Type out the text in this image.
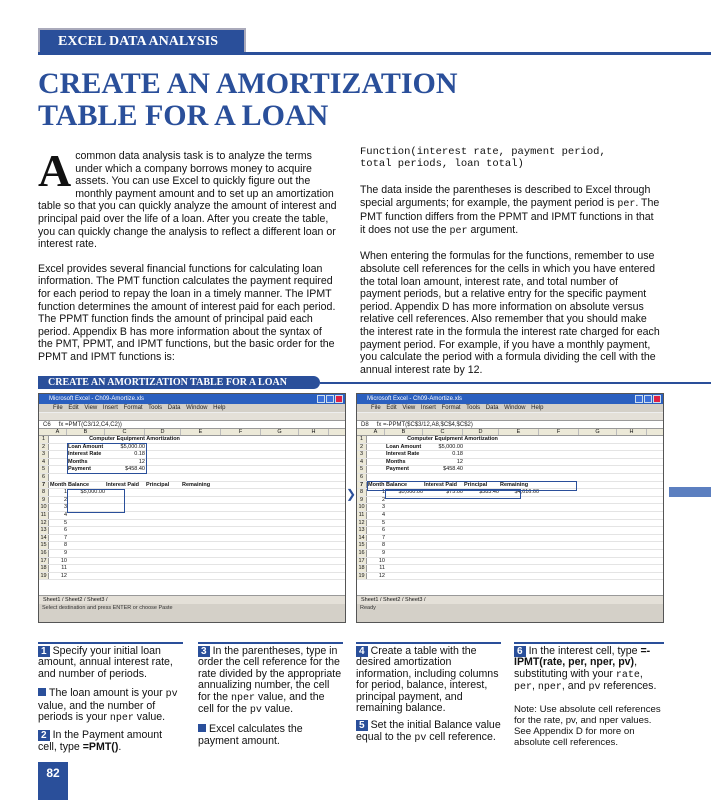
EXCEL DATA ANALYSIS
CREATE AN AMORTIZATION
TABLE FOR A LOAN
A common data analysis task is to analyze the terms under which a company borrows money to acquire assets. You can use Excel to quickly figure out the monthly payment amount and to set up an amortization table so that you can quickly analyze the amount of interest and principal paid over the life of a loan. After you create the table, you can quickly change the analysis to reflect a different loan or interest rate.
Excel provides several financial functions for calculating loan information. The PMT function calculates the payment required for each period to repay the loan in a timely manner. The IPMT function determines the amount of interest paid for each period. The PPMT function finds the amount of principal paid each period. Appendix B has more information about the syntax of the PMT, PPMT, and IPMT functions, but the basic order for the PPMT and IPMT functions is:
Function(interest rate, payment period,
total periods, loan total)
The data inside the parentheses is described to Excel through special arguments; for example, the payment period is per. The PMT function differs from the PPMT and IPMT functions in that it does not use the per argument.
When entering the formulas for the functions, remember to use absolute cell references for the cells in which you have entered the total loan amount, interest rate, and total number of payment periods, but a relative entry for the specific payment period. Appendix D has more information on absolute versus relative cell references. Also remember that you should make the interest rate in the formula the interest rate charged for each payment period. For example, if you have a monthly payment, you calculate the period with a formula dividing the cell with the annual interest rate by 12.
CREATE AN AMORTIZATION TABLE FOR A LOAN
Microsoft Excel - Ch09-Amortize.xls
File Edit View Insert Format Tools Data Window Help
C6 fx =PMT(C3/12,C4,C2))
A	B	C	D	E	F	G	H
1	Computer Equipment Amortization
2	Loan Amount	$5,000.00
3	Interest Rate	0.18
4	Months	12
5	Payment	$458.40
6
7 Month Balance	Interest Paid	Principal	Remaining
8	1	$5,000.00
9	2
10	3
11	4
12	5
13	6
14	7
15	8
16	9
17	10
18	11
19	12
Sheet1 / Sheet2 / Sheet3 /
Select destination and press ENTER or choose Paste
❯
Microsoft Excel - Ch09-Amortize.xls
File Edit View Insert Format Tools Data Window Help
D8 fx =-PPMT($C$3/12,A8,$C$4,$C$2)
A	B	C	D	E	F	G	H
1	Computer Equipment Amortization
2	Loan Amount	$5,000.00
3	Interest Rate	0.18
4	Months	12
5	Payment	$458.40
6
7 Month Balance	Interest Paid	Principal	Remaining
8	1	$5,000.00	$75.00	$383.40	$4,616.60
9	2
10	3
11	4
12	5
13	6
14	7
15	8
16	9
17	10
18	11
19	12
Sheet1 / Sheet2 / Sheet3 /
Ready
1 Specify your initial loan amount, annual interest rate, and number of periods.
The loan amount is your pv value, and the number of periods is your nper value.
2 In the Payment amount cell, type =PMT().
3 In the parentheses, type in order the cell reference for the rate divided by the appropriate annualizing number, the cell for the nper value, and the cell for the pv value.
Excel calculates the payment amount.
4 Create a table with the desired amortization information, including columns for period, balance, interest, principal payment, and remaining balance.
5 Set the initial Balance value equal to the pv cell reference.
6 In the interest cell, type =-IPMT(rate, per, nper, pv), substituting with your rate, per, nper, and pv references.
Note: Use absolute cell references for the rate, pv, and nper values. See Appendix D for more on absolute cell references.
82
